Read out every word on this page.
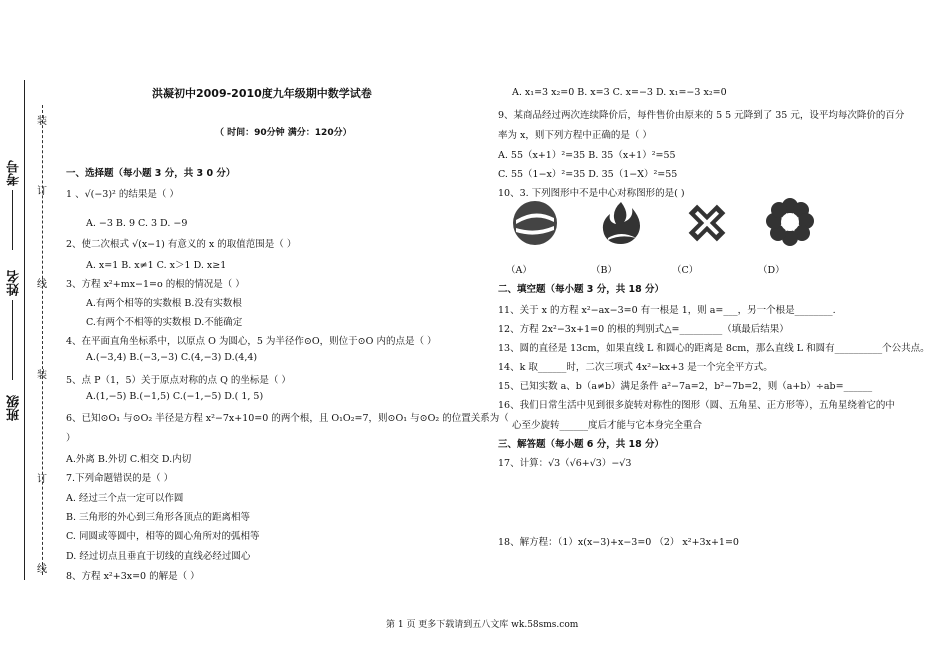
考号
姓名
班级
装
订
线
装
订
线
洪凝初中2009-2010度九年级期中数学试卷
（ 时间：90分钟 满分：120分）
一、选择题（每小题 3 分，共 3 0 分）
1 、√(−3)² 的结果是（ ）
A. −3 B. 9 C. 3 D. −9
2、使二次根式 √(x−1) 有意义的 x 的取值范围是（ ）
A. x=1 B. x≠1 C. x＞1 D. x≥1
3、方程 x²+mx−1=o 的根的情况是（ ）
A.有两个相等的实数根 B.没有实数根
C.有两个不相等的实数根 D.不能确定
4、在平面直角坐标系中，以原点 O 为圆心，5 为半径作⊙O，则位于⊙O 内的点是（ ）
A.(−3,4) B.(−3,−3) C.(4,−3) D.(4,4)
5、点 P（1，5）关于原点对称的点 Q 的坐标是（ ）
A.(1,−5) B.(−1,5) C.(−1,−5) D.( 1, 5)
6、已知⊙O₁ 与⊙O₂ 半径是方程 x²−7x+10=0 的两个根，且 O₁O₂=7，则⊙O₁ 与⊙O₂ 的位置关系为（
）
A.外离 B.外切 C.相交 D.内切
7.下列命题错误的是（ ）
A. 经过三个点一定可以作圆
B. 三角形的外心到三角形各顶点的距离相等
C. 同圆或等圆中，相等的圆心角所对的弧相等
D. 经过切点且垂直于切线的直线必经过圆心
8、方程 x²+3x=0 的解是（ ）
A. x₁=3 x₂=0 B. x=3 C. x=−3 D. x₁=−3 x₂=0
9、某商品经过两次连续降价后，每件售价由原来的 5 5 元降到了 35 元，设平均每次降价的百分
率为 x，则下列方程中正确的是（ ）
A. 55（x+1）²=35 B. 35（x+1）²=55
C. 55（1−x）²=35 D. 35（1−X）²=55
10、3. 下列图形中不是中心对称图形的是( )
（A）	（B）	（C）	（D）
二、填空题（每小题 3 分，共 18 分）
11、关于 x 的方程 x²−ax−3=0 有一根是 1，则 a=___，另一个根是________.
12、方程 2x²−3x+1=0 的根的判别式△=_________（填最后结果）
13、圆的直径是 13cm，如果直线 L 和圆心的距离是 8cm，那么直线 L 和圆有__________个公共点。
14、k 取______时，二次三项式 4x²−kx+3 是一个完全平方式。
15、已知实数 a、b（a≠b）满足条件 a²−7a=2，b²−7b=2，则（a+b）÷ab=______
16、我们日常生活中见到很多旋转对称性的图形（圆、五角星、正方形等），五角星绕着它的中
心至少旋转______度后才能与它本身完全重合
三、解答题（每小题 6 分，共 18 分）
17、计算：√3（√6+√3）−√3
18、解方程：（1）x(x−3)+x−3=0 （2） x²+3x+1=0
第 1 页 更多下载请到五八文库 wk.58sms.com
